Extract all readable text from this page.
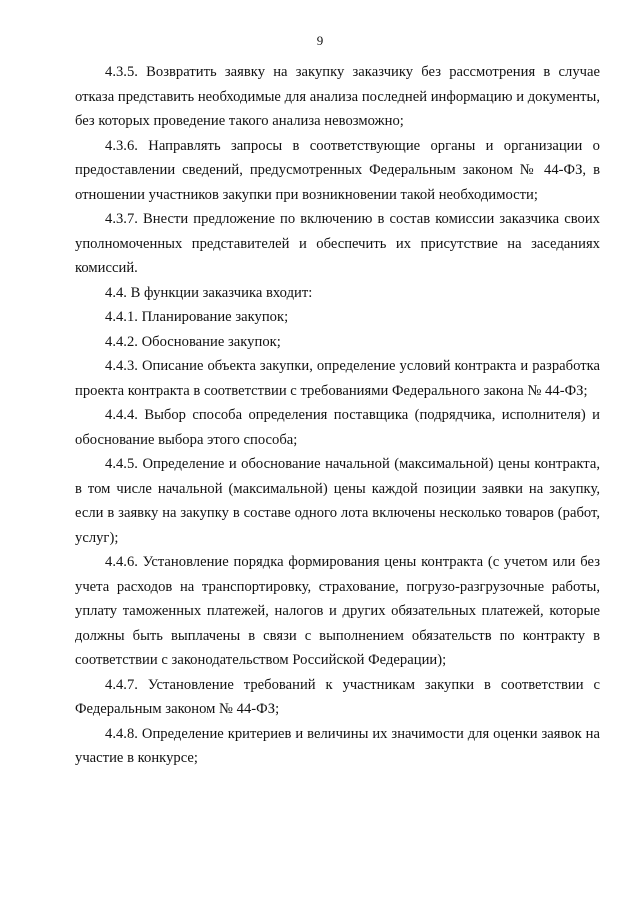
9

4.3.5. Возвратить заявку на закупку заказчику без рассмотрения в случае отказа представить необходимые для анализа последней информацию и документы, без которых проведение такого анализа невозможно;

4.3.6. Направлять запросы в соответствующие органы и организации о предоставлении сведений, предусмотренных Федеральным законом № 44-ФЗ, в отношении участников закупки при возникновении такой необходимости;

4.3.7. Внести предложение по включению в состав комиссии заказчика своих уполномоченных представителей и обеспечить их присутствие на заседаниях комиссий.

4.4. В функции заказчика входит:

4.4.1. Планирование закупок;

4.4.2. Обоснование закупок;

4.4.3. Описание объекта закупки, определение условий контракта и разработка проекта контракта в соответствии с требованиями Федерального закона № 44-ФЗ;

4.4.4. Выбор способа определения поставщика (подрядчика, исполнителя) и обоснование выбора этого способа;

4.4.5. Определение и обоснование начальной (максимальной) цены контракта, в том числе начальной (максимальной) цены каждой позиции заявки на закупку, если в заявку на закупку в составе одного лота включены несколько товаров (работ, услуг);

4.4.6. Установление порядка формирования цены контракта (с учетом или без учета расходов на транспортировку, страхование, погрузо-разгрузочные работы, уплату таможенных платежей, налогов и других обязательных платежей, которые должны быть выплачены в связи с выполнением обязательств по контракту в соответствии с законодательством Российской Федерации);

4.4.7. Установление требований к участникам закупки в соответствии с Федеральным законом № 44-ФЗ;

4.4.8. Определение критериев и величины их значимости для оценки заявок на участие в конкурсе;
